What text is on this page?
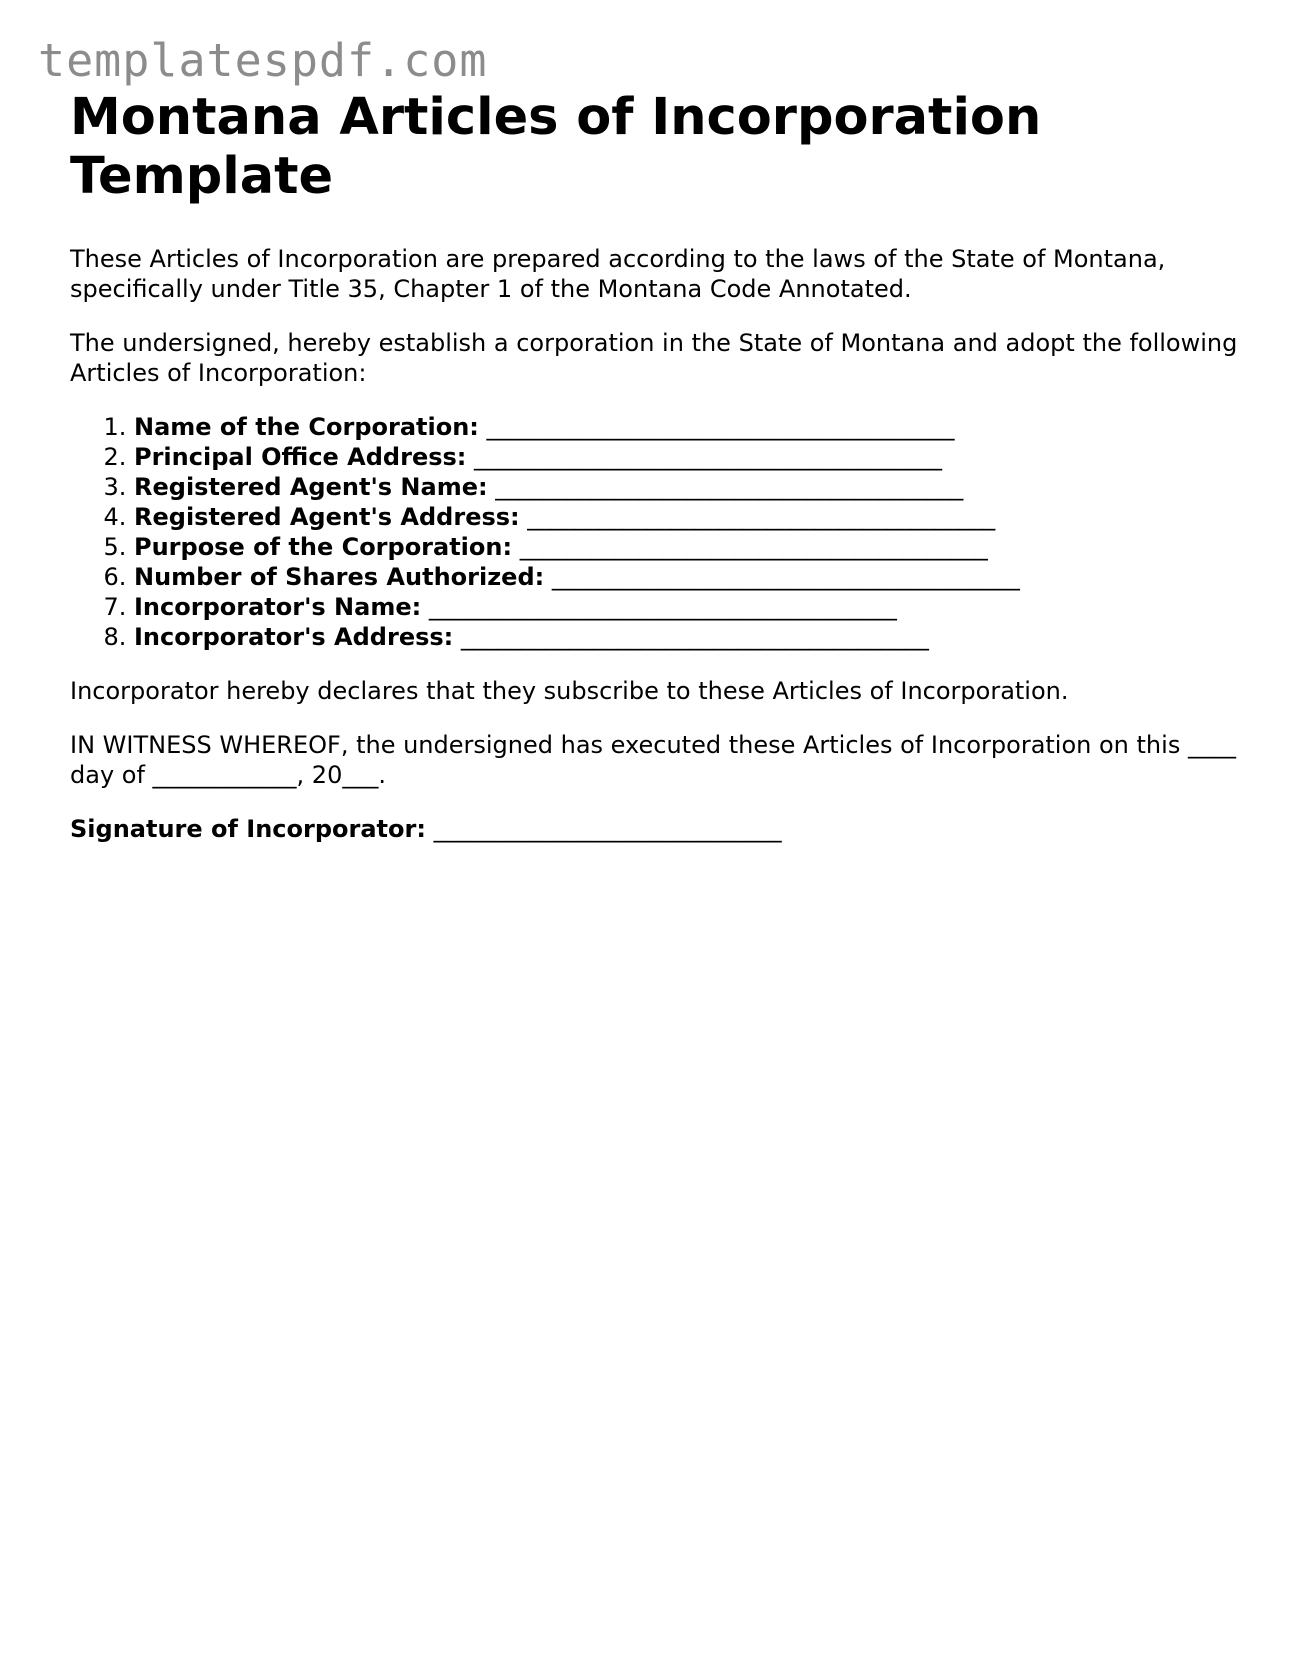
templatespdf.com
Montana Articles of Incorporation Template

These Articles of Incorporation are prepared according to the laws of the State of Montana, specifically under Title 35, Chapter 1 of the Montana Code Annotated.

The undersigned, hereby establish a corporation in the State of Montana and adopt the following Articles of Incorporation:

1. Name of the Corporation: _______________________________________
2. Principal Office Address: _______________________________________
3. Registered Agent's Name: _______________________________________
4. Registered Agent's Address: _______________________________________
5. Purpose of the Corporation: _______________________________________
6. Number of Shares Authorized: _______________________________________
7. Incorporator's Name: _______________________________________
8. Incorporator's Address: _______________________________________

Incorporator hereby declares that they subscribe to these Articles of Incorporation.

IN WITNESS WHEREOF, the undersigned has executed these Articles of Incorporation on this ____ day of ____________, 20___.

Signature of Incorporator: _____________________________
